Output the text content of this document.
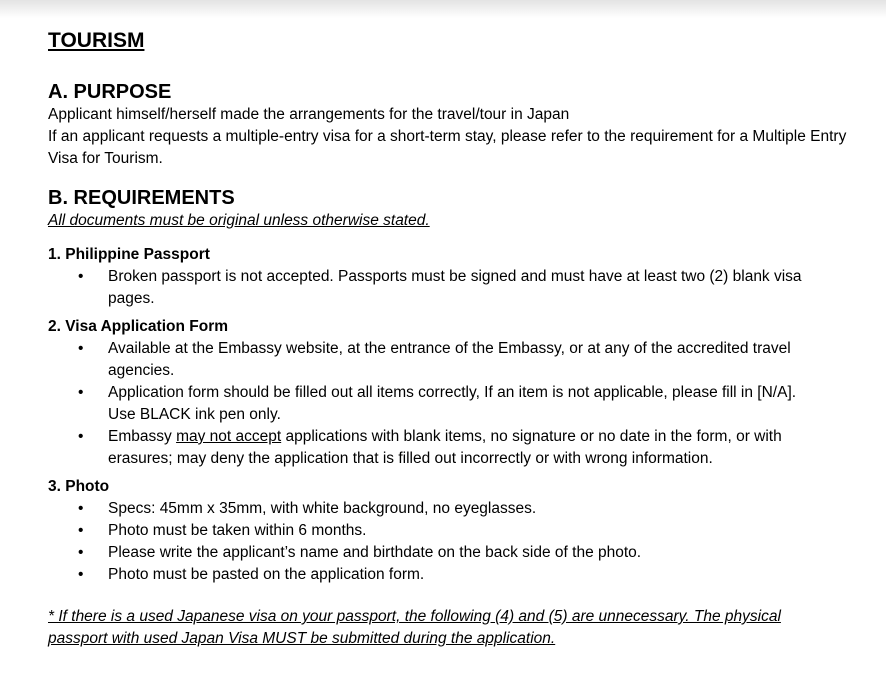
TOURISM
A. PURPOSE

Applicant himself/herself made the arrangements for the travel/tour in Japan

If an applicant requests a multiple-entry visa for a short-term stay, please refer to the requirement for a Multiple Entry Visa for Tourism.

B. REQUIREMENTS

All documents must be original unless otherwise stated.

1. Philippine Passport
• Broken passport is not accepted. Passports must be signed and must have at least two (2) blank visa pages.
2. Visa Application Form
• Available at the Embassy website, at the entrance of the Embassy, or at any of the accredited travel agencies.
• Application form should be filled out all items correctly, If an item is not applicable, please fill in [N/A]. Use BLACK ink pen only.
• Embassy may not accept applications with blank items, no signature or no date in the form, or with erasures; may deny the application that is filled out incorrectly or with wrong information.
3. Photo
• Specs: 45mm x 35mm, with white background, no eyeglasses.
• Photo must be taken within 6 months.
• Please write the applicant’s name and birthdate on the back side of the photo.
• Photo must be pasted on the application form.

* If there is a used Japanese visa on your passport, the following (4) and (5) are unnecessary. The physical passport with used Japan Visa MUST be submitted during the application.
